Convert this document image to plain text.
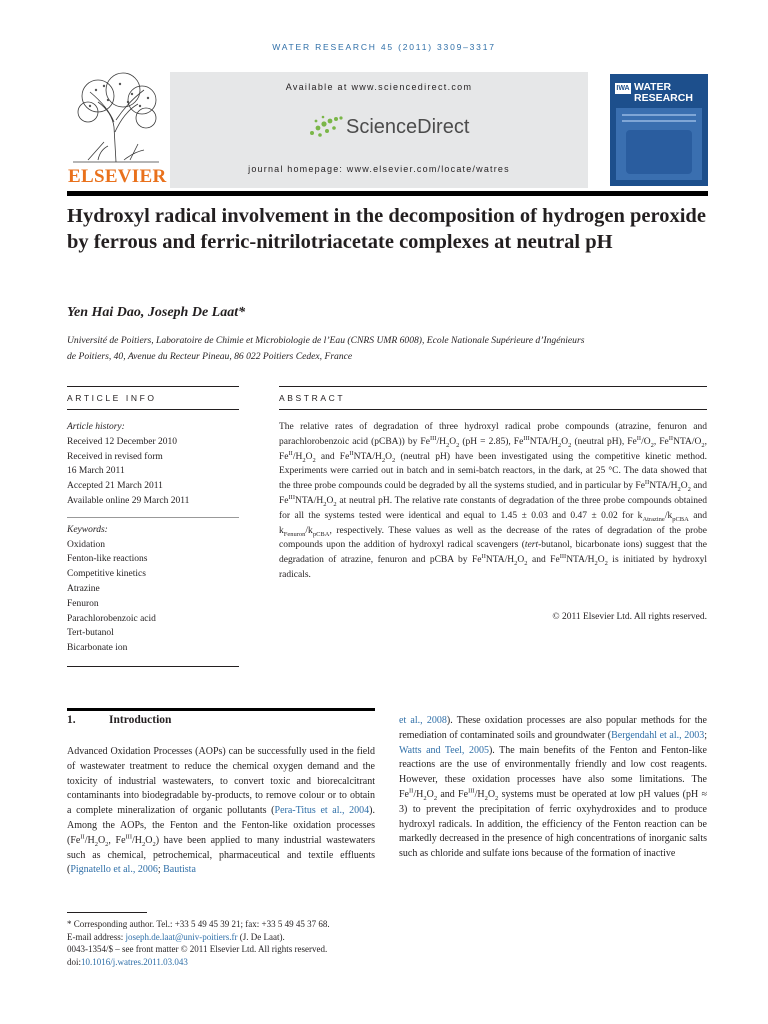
WATER RESEARCH 45 (2011) 3309–3317
ELSEVIER
Available at www.sciencedirect.com
ScienceDirect
journal homepage: www.elsevier.com/locate/watres
IWA WATER
RESEARCH
Hydroxyl radical involvement in the decomposition of hydrogen peroxide by ferrous and ferric-nitrilotriacetate complexes at neutral pH
Yen Hai Dao, Joseph De Laat*
Université de Poitiers, Laboratoire de Chimie et Microbiologie de l’Eau (CNRS UMR 6008), Ecole Nationale Supérieure d’Ingénieurs
de Poitiers, 40, Avenue du Recteur Pineau, 86 022 Poitiers Cedex, France
ARTICLE INFO
Article history:
Received 12 December 2010
Received in revised form
16 March 2011
Accepted 21 March 2011
Available online 29 March 2011
Keywords:
Oxidation
Fenton-like reactions
Competitive kinetics
Atrazine
Fenuron
Parachlorobenzoic acid
Tert-butanol
Bicarbonate ion
ABSTRACT
The relative rates of degradation of three hydroxyl radical probe compounds (atrazine, fenuron and parachlorobenzoic acid (pCBA)) by $Fe^{III}/H_2O_2$ (pH = 2.85), $Fe^{III}NTA/H_2O_2$ (neutral pH), $Fe^{II}/O_2$, $Fe^{II}NTA/O_2$, $Fe^{II}/H_2O_2$ and $Fe^{II}NTA/H_2O_2$ (neutral pH) have been investigated using the competitive kinetic method. Experiments were carried out in batch and in semi-batch reactors, in the dark, at 25 °C. The data showed that the three probe compounds could be degraded by all the systems studied, and in particular by $Fe^{II}NTA/H_2O_2$ and $Fe^{III}NTA/H_2O_2$ at neutral pH. The relative rate constants of degradation of the three probe compounds obtained for all the systems tested were identical and equal to 1.45 ± 0.03 and 0.47 ± 0.02 for $k_{Atrazine}/k_{pCBA}$ and $k_{Fenuron}/k_{pCBA}$, respectively. These values as well as the decrease of the rates of degradation of the probe compounds upon the addition of hydroxyl radical scavengers (tert-butanol, bicarbonate ions) suggest that the degradation of atrazine, fenuron and pCBA by $Fe^{II}NTA/H_2O_2$ and $Fe^{III}NTA/H_2O_2$ is initiated by hydroxyl radicals.
© 2011 Elsevier Ltd. All rights reserved.
1.	Introduction
Advanced Oxidation Processes (AOPs) can be successfully used in the field of wastewater treatment to reduce the chemical oxygen demand and the toxicity of industrial wastewaters, to convert toxic and biorecalcitrant contaminants into biodegradable by-products, to remove colour or to obtain a complete mineralization of organic pollutants (Pera-Titus et al., 2004). Among the AOPs, the Fenton and the Fenton-like oxidation processes ($Fe^{II}/H_2O_2$, $Fe^{III}/H_2O_2$) have been applied to many industrial wastewaters such as chemical, petrochemical, pharmaceutical and textile effluents (Pignatello et al., 2006; Bautista
et al., 2008). These oxidation processes are also popular methods for the remediation of contaminated soils and groundwater (Bergendahl et al., 2003; Watts and Teel, 2005). The main benefits of the Fenton and Fenton-like reactions are the use of environmentally friendly and low cost reagents. However, these oxidation processes have also some limitations. The $Fe^{II}/H_2O_2$ and $Fe^{III}/H_2O_2$ systems must be operated at low pH values (pH ≈ 3) to prevent the precipitation of ferric oxyhydroxides and to produce hydroxyl radicals. In addition, the efficiency of the Fenton reaction can be markedly decreased in the presence of high concentrations of inorganic salts such as chloride and sulfate ions because of the formation of inactive
* Corresponding author. Tel.: +33 5 49 45 39 21; fax: +33 5 49 45 37 68.
E-mail address: joseph.de.laat@univ-poitiers.fr (J. De Laat).
0043-1354/$ – see front matter © 2011 Elsevier Ltd. All rights reserved.
doi:10.1016/j.watres.2011.03.043
